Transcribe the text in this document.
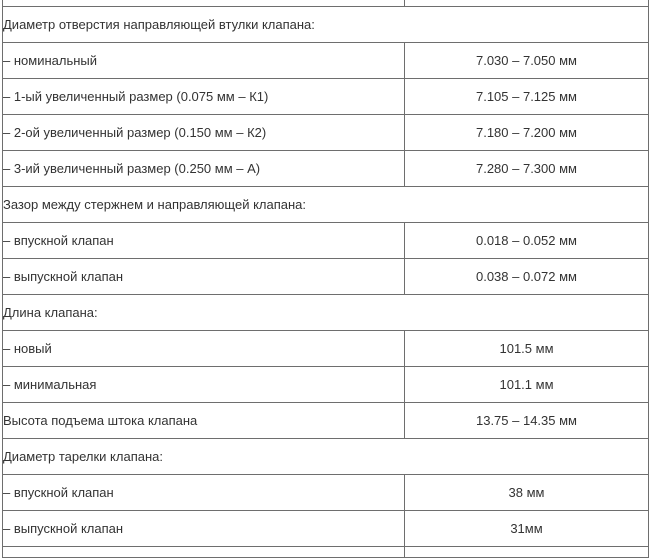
Диаметр отверстия направляющей втулки клапана:	
– номинальный	7.030 – 7.050 мм
– 1-ый увеличенный размер (0.075 мм – К1)	7.105 – 7.125 мм
– 2-ой увеличенный размер (0.150 мм – К2)	7.180 – 7.200 мм
– 3-ий увеличенный размер (0.250 мм – А)	7.280 – 7.300 мм
Зазор между стержнем и направляющей клапана:	
– впускной клапан	0.018 – 0.052 мм
– выпускной клапан	0.038 – 0.072 мм
Длина клапана:	
– новый	101.5 мм
– минимальная	101.1 мм
Высота подъема штока клапана	13.75 – 14.35 мм
Диаметр тарелки клапана:	
– впускной клапан	38 мм
– выпускной клапан	31мм
